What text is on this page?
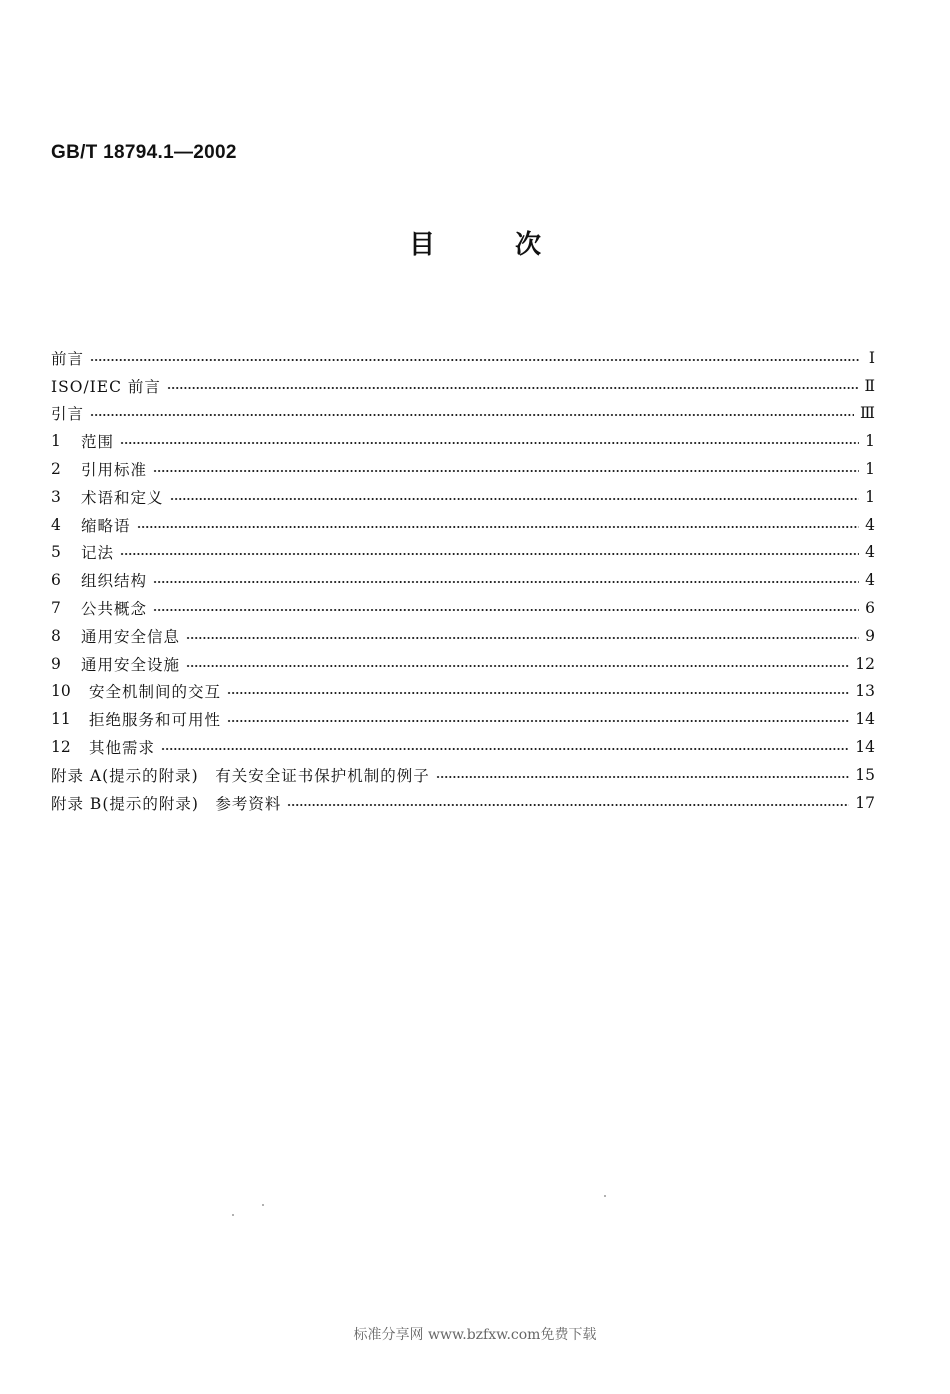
GB/T 18794.1—2002
目次
前言	Ⅰ
ISO/IEC 前言	Ⅱ
引言	Ⅲ
1	范围	1
2	引用标准	1
3	术语和定义	1
4	缩略语	4
5	记法	4
6	组织结构	4
7	公共概念	6
8	通用安全信息	9
9	通用安全设施	12
10	安全机制间的交互	13
11	拒绝服务和可用性	14
12	其他需求	14
附录 A(提示的附录)　有关安全证书保护机制的例子	15
附录 B(提示的附录)　参考资料	17
标准分享网 www.bzfxw.com免费下载
